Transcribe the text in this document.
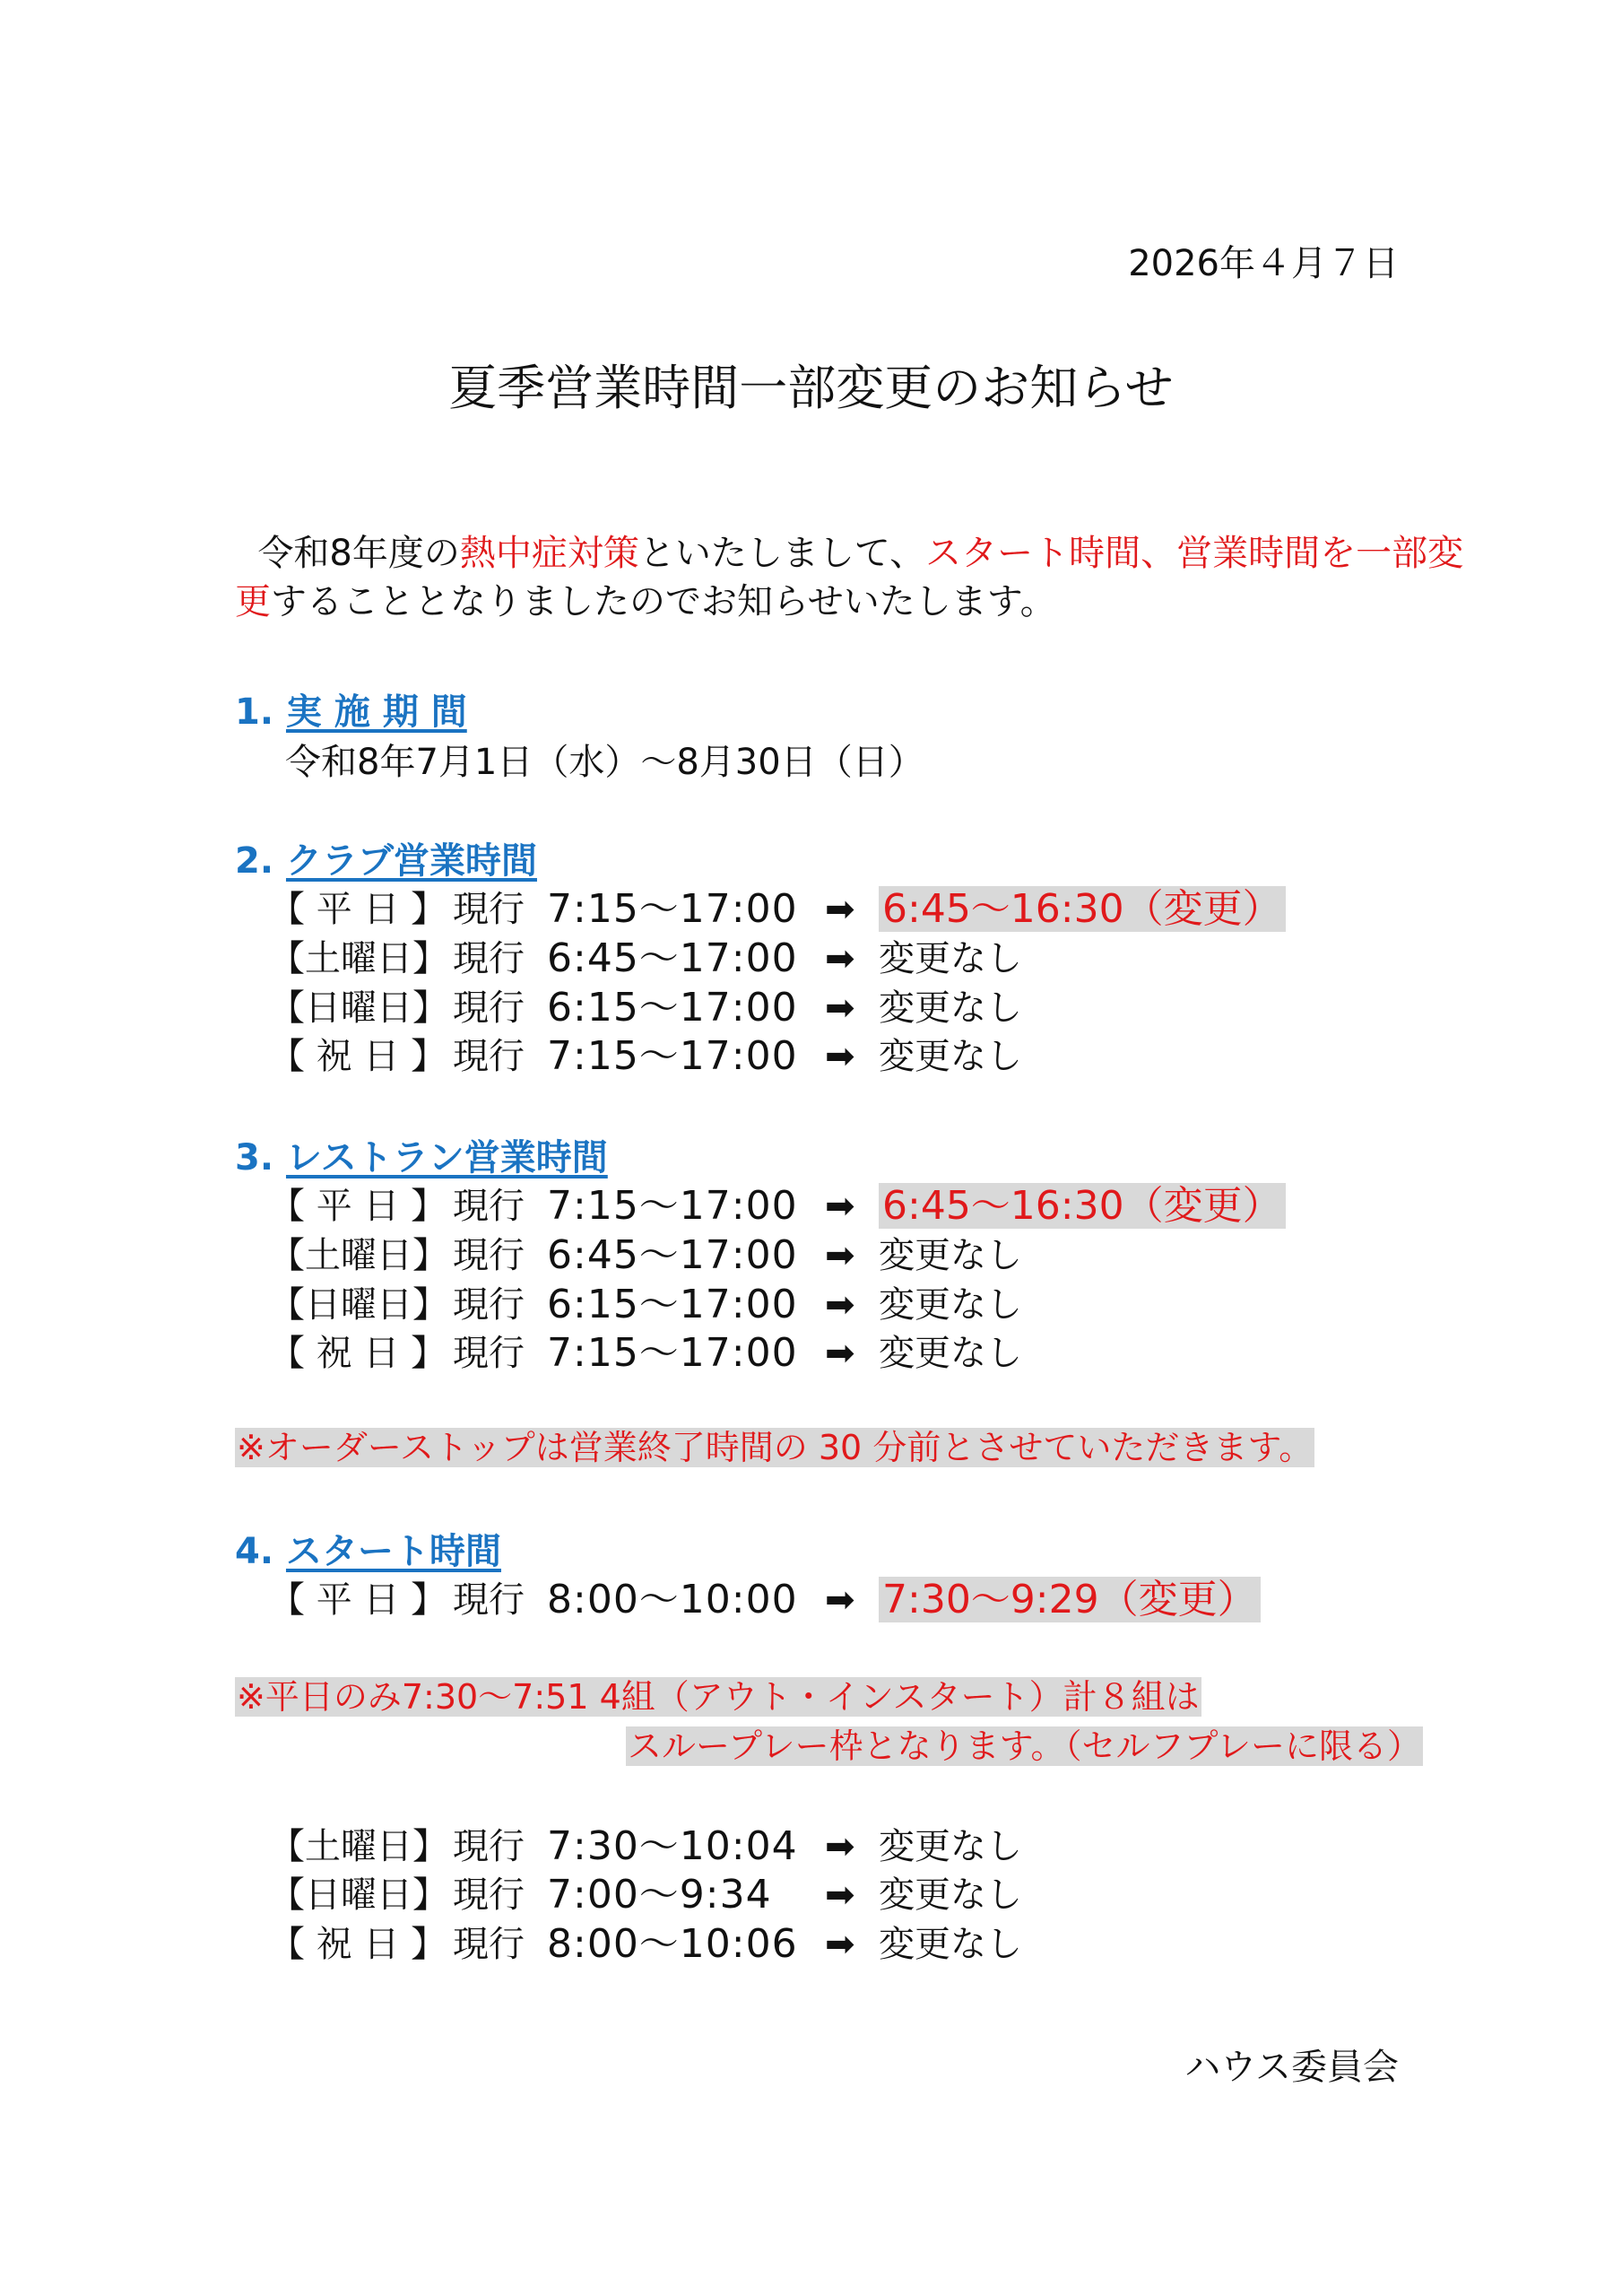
2026年４月７日
夏季営業時間一部変更のお知らせ
令和8年度の熱中症対策といたしまして、スタート時間、営業時間を一部変
更することとなりましたのでお知らせいたします。
1. 実 施 期 間
令和8年7月1日（水）～8月30日（日）
2. クラブ営業時間
【 平 日 】 現行 7:15～17:00 ➡ 6:45～16:30（変更）
【土曜日】 現行 6:45～17:00 ➡ 変更なし
【日曜日】 現行 6:15～17:00 ➡ 変更なし
【 祝 日 】 現行 7:15～17:00 ➡ 変更なし
3. レストラン営業時間
【 平 日 】 現行 7:15～17:00 ➡ 6:45～16:30（変更）
【土曜日】 現行 6:45～17:00 ➡ 変更なし
【日曜日】 現行 6:15～17:00 ➡ 変更なし
【 祝 日 】 現行 7:15～17:00 ➡ 変更なし
※オーダーストップは営業終了時間の 30 分前とさせていただきます。
4. スタート時間
【 平 日 】 現行 8:00～10:00 ➡ 7:30～9:29（変更）
※平日のみ7:30～7:51 4組（アウト・インスタート）計８組は
スループレー枠となります。（セルフプレーに限る）
【土曜日】 現行 7:30～10:04 ➡ 変更なし
【日曜日】 現行 7:00～9:34 ➡ 変更なし
【 祝 日 】 現行 8:00～10:06 ➡ 変更なし
ハウス委員会
